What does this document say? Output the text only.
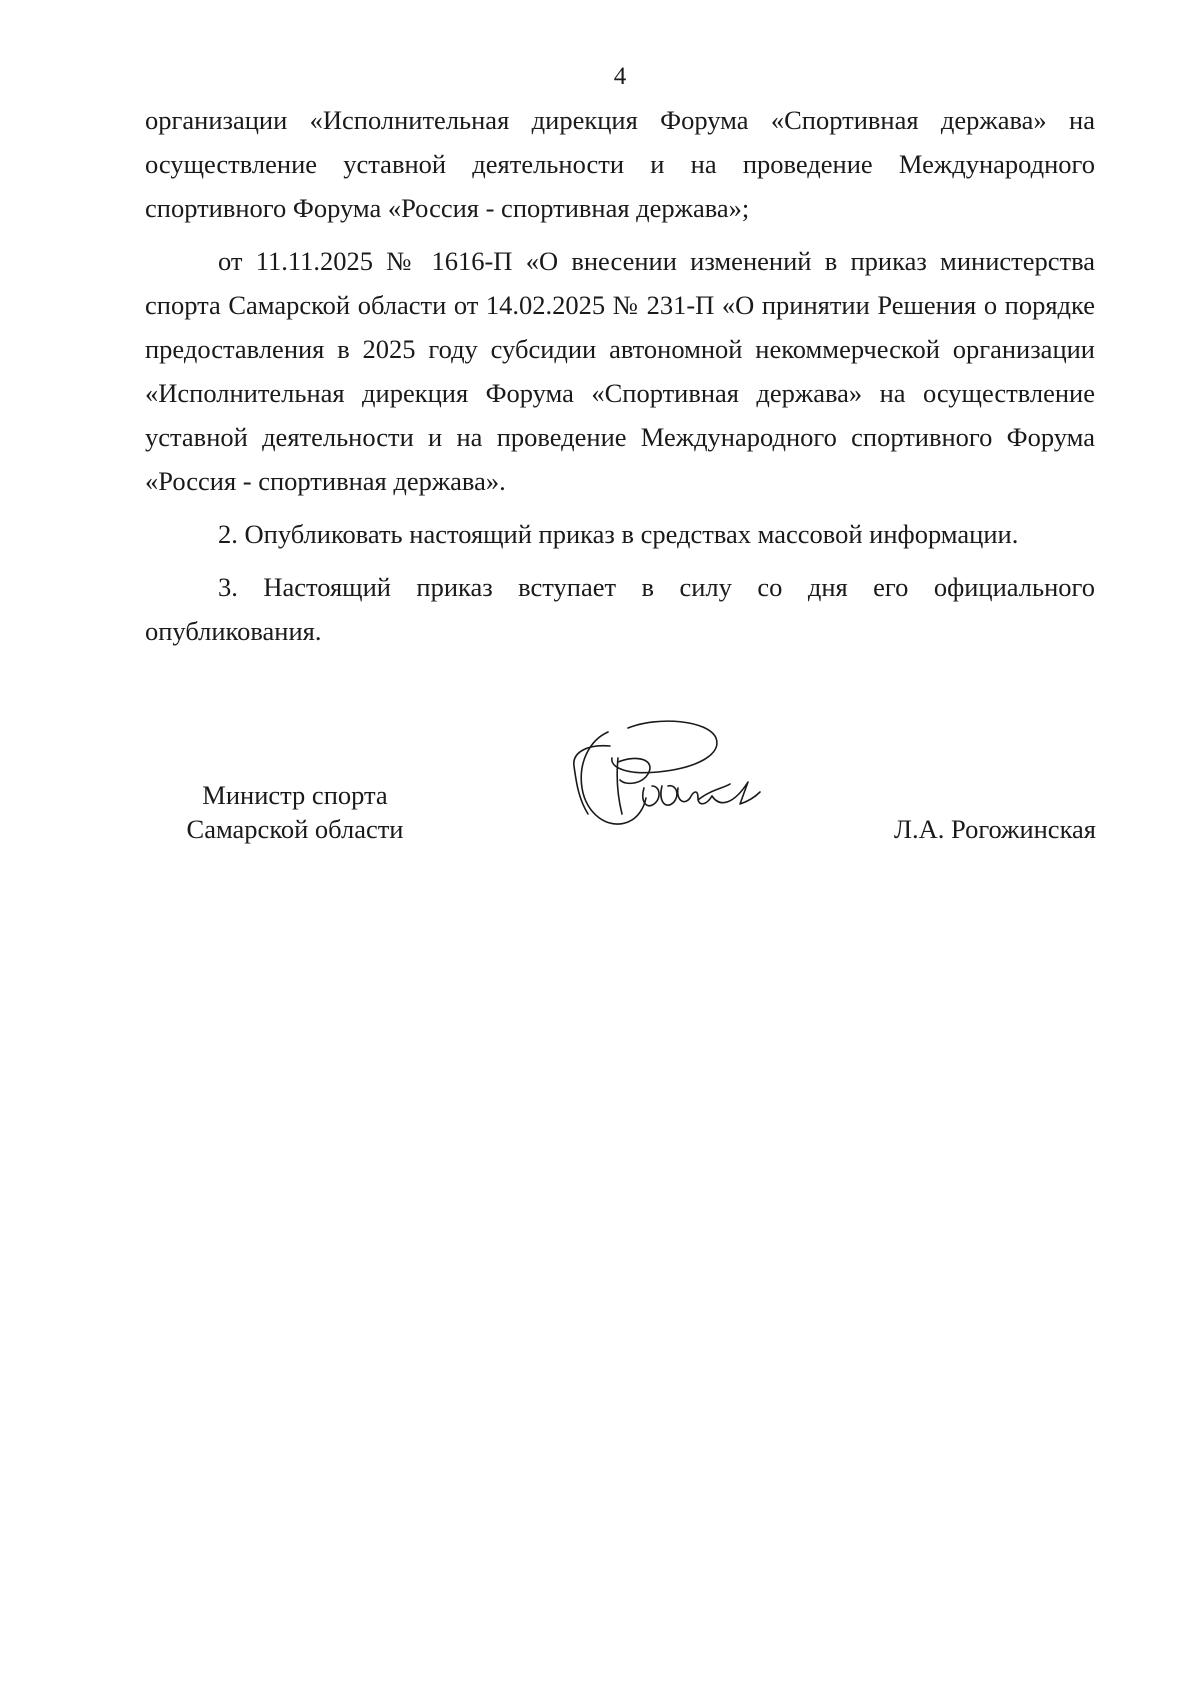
4

организации «Исполнительная дирекция Форума «Спортивная держава» на осуществление уставной деятельности и на проведение Международного спортивного Форума «Россия - спортивная держава»;

от 11.11.2025 № 1616-П «О внесении изменений в приказ министерства спорта Самарской области от 14.02.2025 № 231-П «О принятии Решения о порядке предоставления в 2025 году субсидии автономной некоммерческой организации «Исполнительная дирекция Форума «Спортивная держава» на осуществление уставной деятельности и на проведение Международного спортивного Форума «Россия - спортивная держава».

2. Опубликовать настоящий приказ в средствах массовой информации.

3. Настоящий приказ вступает в силу со дня его официального опубликования.

Министр спорта
Самарской области	Л.А. Рогожинская
